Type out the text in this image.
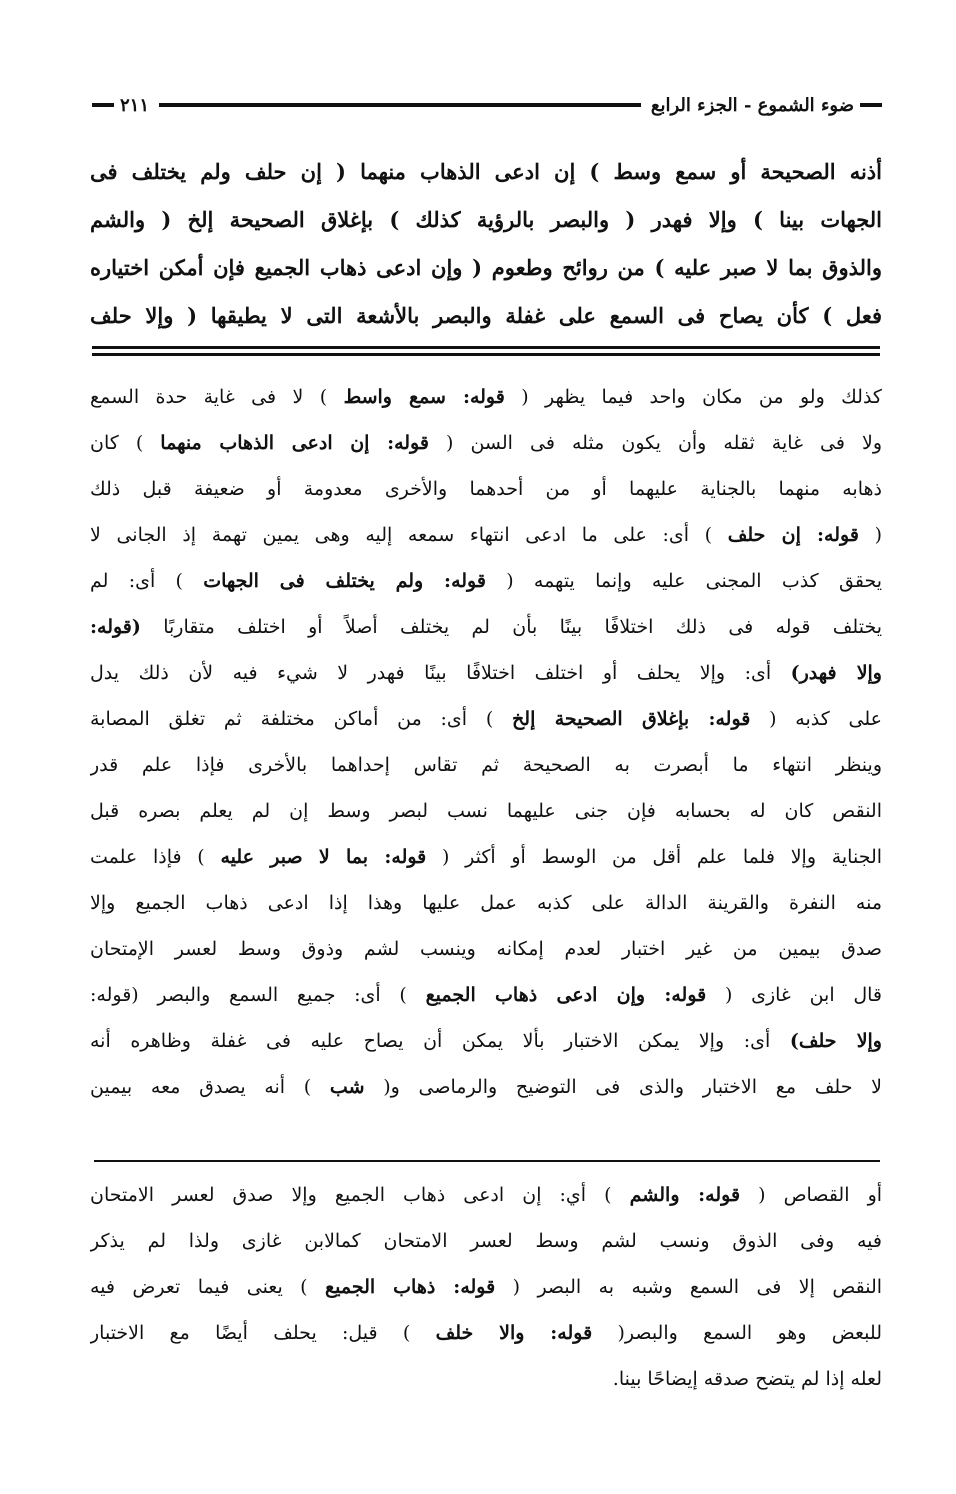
ضوء الشموع - الجزء الرابع
٢١١

أذنه الصحيحة أو سمع وسط ) إن ادعى الذهاب منهما ( إن حلف ولم يختلف فى

الجهات بينا ) وإلا فهدر ( والبصر بالرؤية كذلك ) بإغلاق الصحيحة إلخ ( والشم

والذوق بما لا صبر عليه ) من روائح وطعوم ( وإن ادعى ذهاب الجميع فإن أمكن اختياره

فعل ) كأن يصاح فى السمع على غفلة والبصر بالأشعة التى لا يطيقها ( وإلا حلف

كذلك ولو من مكان واحد فيما يظهر ( قوله: سمع واسط ) لا فى غاية حدة السمع

ولا فى غاية ثقله وأن يكون مثله فى السن ( قوله: إن ادعى الذهاب منهما ) كان

ذهابه منهما بالجناية عليهما أو من أحدهما والأخرى معدومة أو ضعيفة قبل ذلك

( قوله: إن حلف ) أى: على ما ادعى انتهاء سمعه إليه وهى يمين تهمة إذ الجانى لا

يحقق كذب المجنى عليه وإنما يتهمه ( قوله: ولم يختلف فى الجهات ) أى: لم

يختلف قوله فى ذلك اختلافًا بينًا بأن لم يختلف أصلاً أو اختلف متقاربًا (قوله:

وإلا فهدر) أى: وإلا يحلف أو اختلف اختلافًا بينًا فهدر لا شيء فيه لأن ذلك يدل

على كذبه ( قوله: بإغلاق الصحيحة إلخ ) أى: من أماكن مختلفة ثم تغلق المصابة

وينظر انتهاء ما أبصرت به الصحيحة ثم تقاس إحداهما بالأخرى فإذا علم قدر

النقص كان له بحسابه فإن جنى عليهما نسب لبصر وسط إن لم يعلم بصره قبل

الجناية وإلا فلما علم أقل من الوسط أو أكثر ( قوله: بما لا صبر عليه ) فإذا علمت

منه النفرة والقرينة الدالة على كذبه عمل عليها وهذا إذا ادعى ذهاب الجميع وإلا

صدق بيمين من غير اختبار لعدم إمكانه وينسب لشم وذوق وسط لعسر الإمتحان

قال ابن غازى ( قوله: وإن ادعى ذهاب الجميع ) أى: جميع السمع والبصر (قوله:

وإلا حلف) أى: وإلا يمكن الاختبار بألا يمكن أن يصاح عليه فى غفلة وظاهره أنه

لا حلف مع الاختبار والذى فى التوضيح والرماصى و( شب ) أنه يصدق معه بيمين

أو القصاص ( قوله: والشم ) أي: إن ادعى ذهاب الجميع وإلا صدق لعسر الامتحان

فيه وفى الذوق ونسب لشم وسط لعسر الامتحان كمالابن غازى ولذا لم يذكر

النقص إلا فى السمع وشبه به البصر ( قوله: ذهاب الجميع ) يعنى فيما تعرض فيه

للبعض وهو السمع والبصر( قوله: والا خلف ) قيل: يحلف أيضًا مع الاختبار

لعله إذا لم يتضح صدقه إيضاحًا بينا.
